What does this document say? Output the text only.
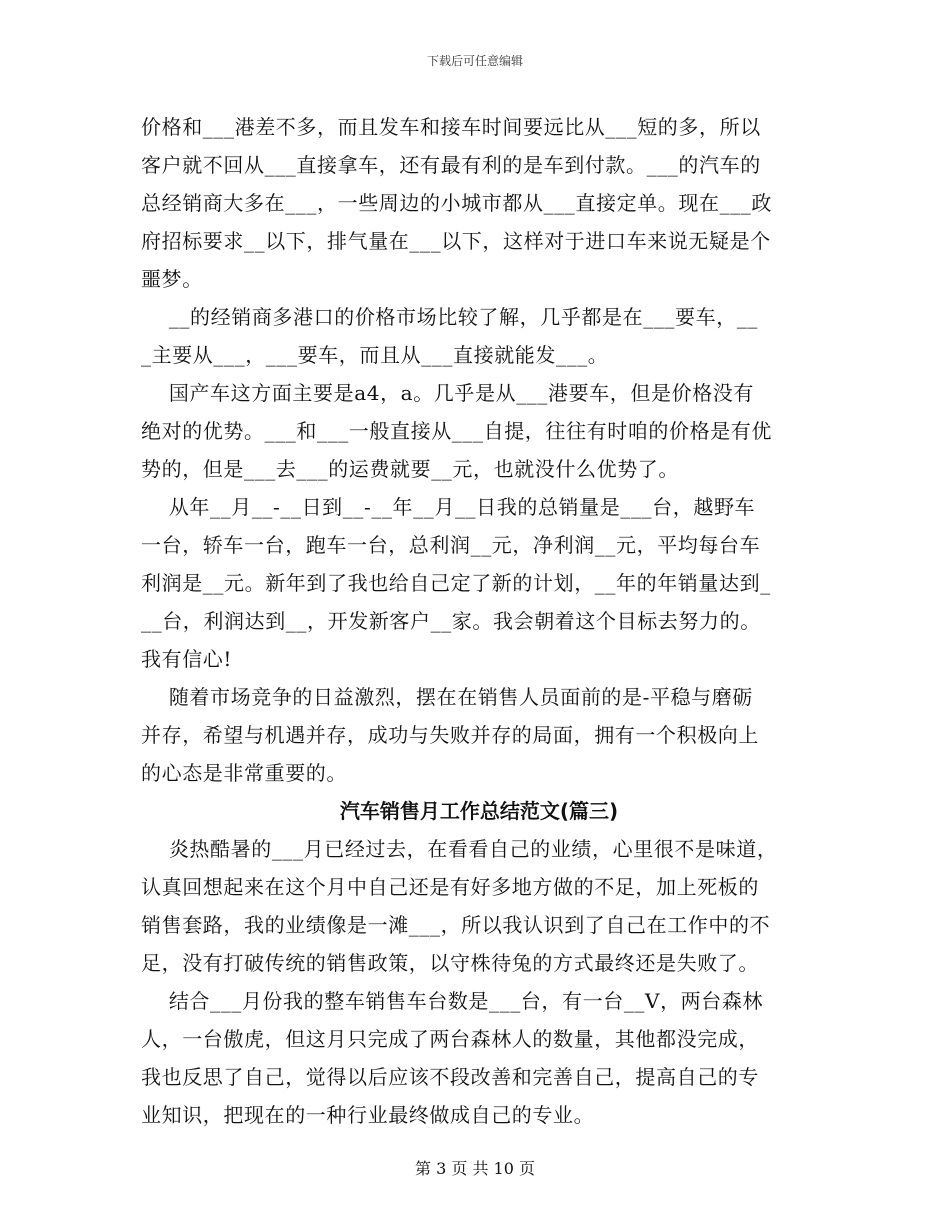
下载后可任意编辑
价格和___港差不多，而且发车和接车时间要远比从___短的多，所以
客户就不回从___直接拿车，还有最有利的是车到付款。___的汽车的
总经销商大多在___，一些周边的小城市都从___直接定单。现在___政
府招标要求__以下，排气量在___以下，这样对于进口车来说无疑是个
噩梦。
__的经销商多港口的价格市场比较了解，几乎都是在___要车，__
_主要从___，___要车，而且从___直接就能发___。
国产车这方面主要是a4，a。几乎是从___港要车，但是价格没有
绝对的优势。___和___一般直接从___自提，往往有时咱的价格是有优
势的，但是___去___的运费就要__元，也就没什么优势了。
从年__月__-__日到__-__年__月__日我的总销量是___台，越野车
一台，轿车一台，跑车一台，总利润__元，净利润__元，平均每台车
利润是__元。新年到了我也给自己定了新的计划，__年的年销量达到_
__台，利润达到__，开发新客户__家。我会朝着这个目标去努力的。
我有信心!
随着市场竞争的日益激烈，摆在在销售人员面前的是-平稳与磨砺
并存，希望与机遇并存，成功与失败并存的局面，拥有一个积极向上
的心态是非常重要的。
汽车销售月工作总结范文(篇三)
炎热酷暑的___月已经过去，在看看自己的业绩，心里很不是味道，
认真回想起来在这个月中自己还是有好多地方做的不足，加上死板的
销售套路，我的业绩像是一滩___，所以我认识到了自己在工作中的不
足，没有打破传统的销售政策，以守株待兔的方式最终还是失败了。
结合___月份我的整车销售车台数是___台，有一台__V，两台森林
人，一台傲虎，但这月只完成了两台森林人的数量，其他都没完成，
我也反思了自己，觉得以后应该不段改善和完善自己，提高自己的专
业知识，把现在的一种行业最终做成自己的专业。
第 3 页 共 10 页
